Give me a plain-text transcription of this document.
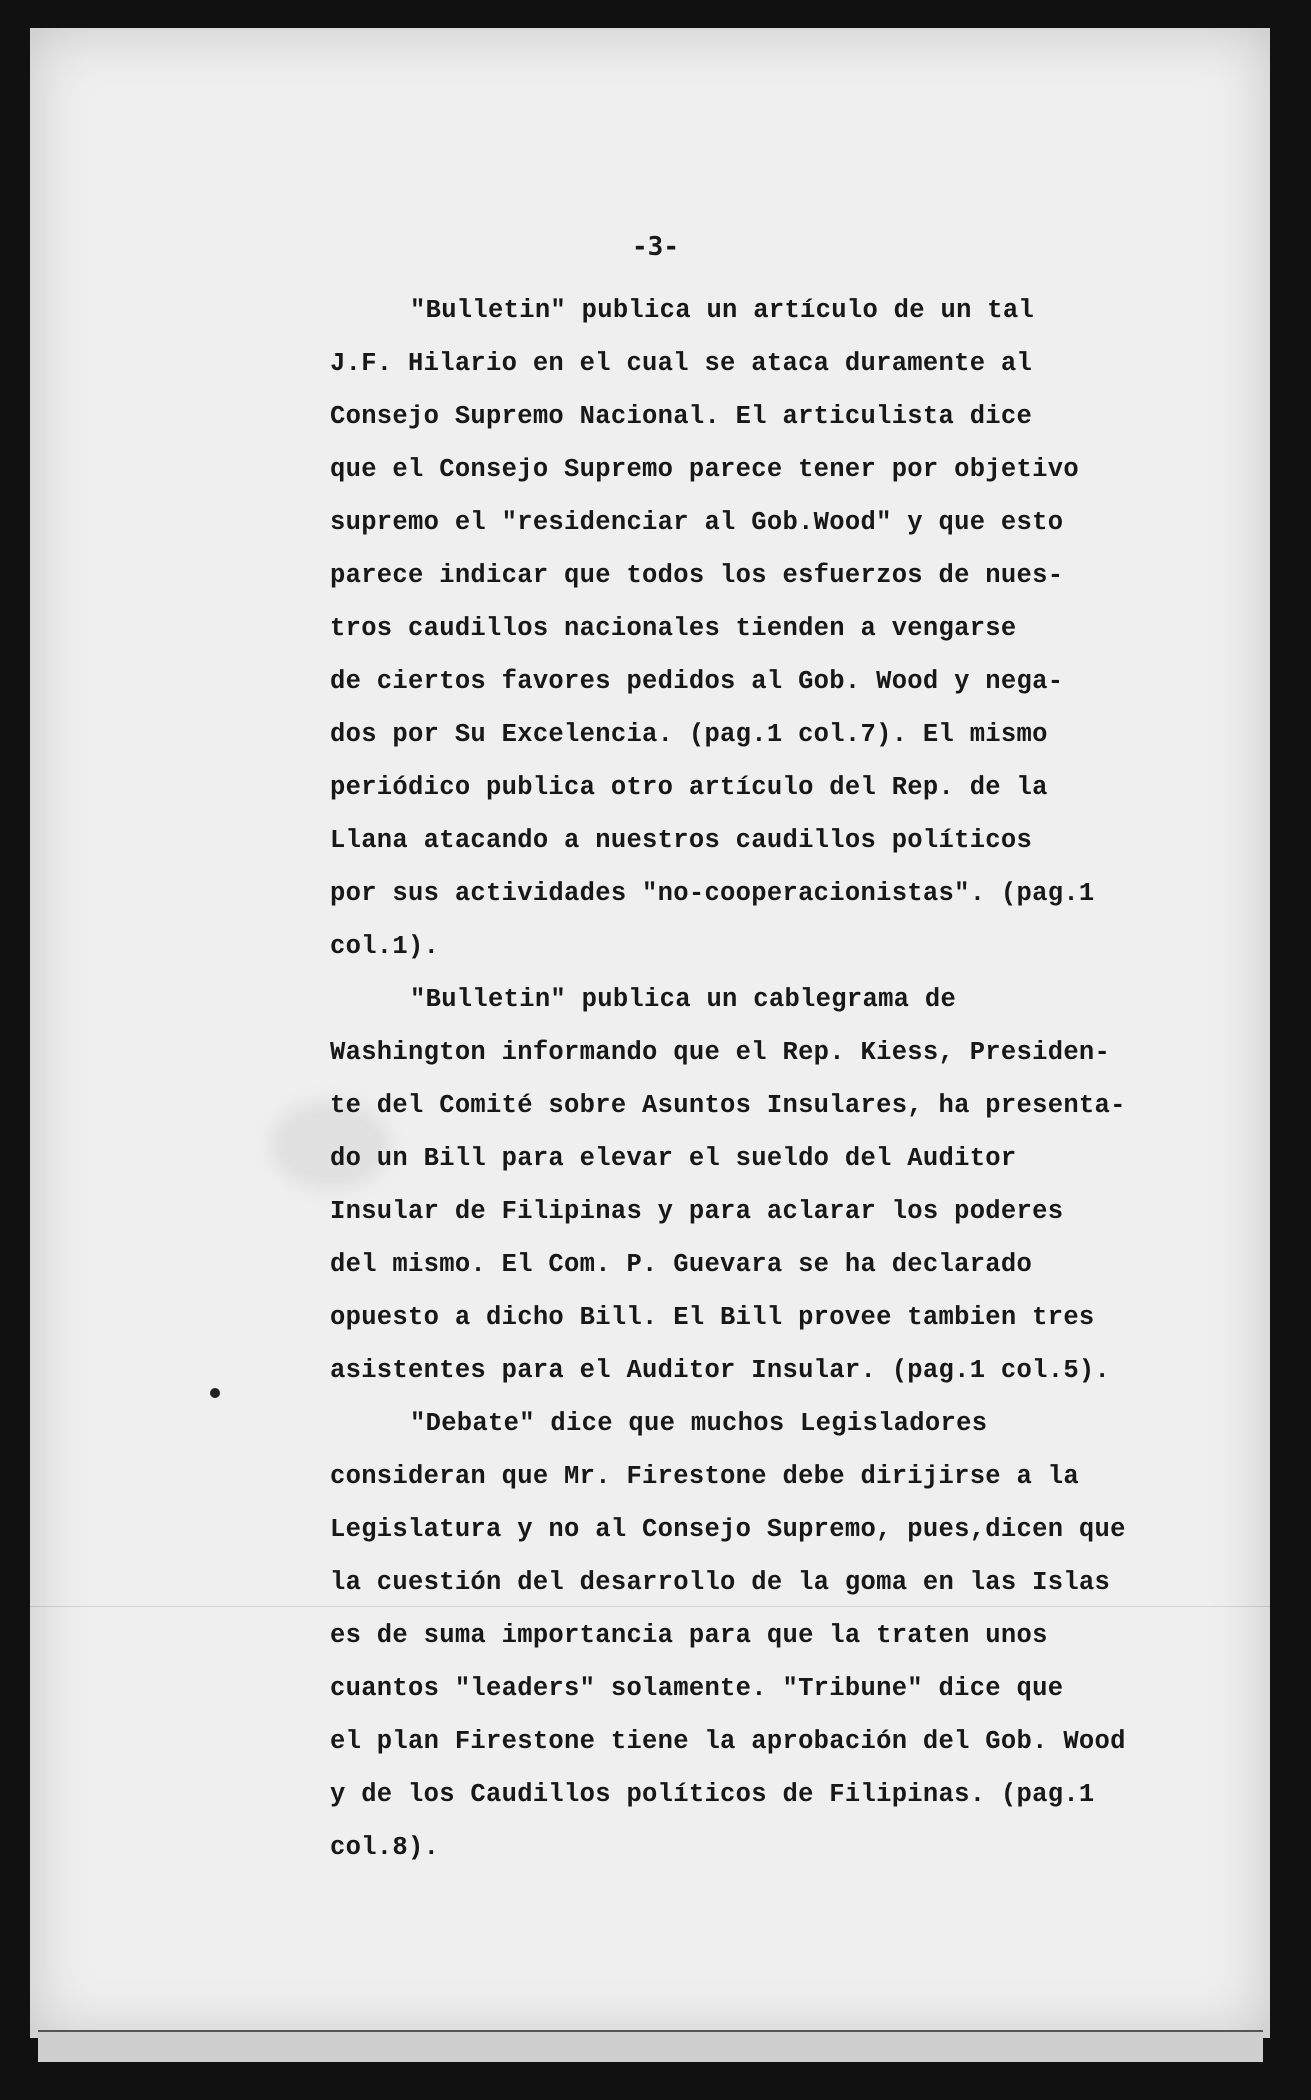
-3-

"Bulletin" publica un artículo de un tal
J.F. Hilario en el cual se ataca duramente al
Consejo Supremo Nacional. El articulista dice
que el Consejo Supremo parece tener por objetivo
supremo el "residenciar al Gob.Wood" y que esto
parece indicar que todos los esfuerzos de nues-
tros caudillos nacionales tienden a vengarse
de ciertos favores pedidos al Gob. Wood y nega-
dos por Su Excelencia. (pag.1 col.7). El mismo
periódico publica otro artículo del Rep. de la
Llana atacando a nuestros caudillos políticos
por sus actividades "no-cooperacionistas". (pag.1
col.1).

"Bulletin" publica un cablegrama de
Washington informando que el Rep. Kiess, Presiden-
te del Comité sobre Asuntos Insulares, ha presenta-
do un Bill para elevar el sueldo del Auditor
Insular de Filipinas y para aclarar los poderes
del mismo. El Com. P. Guevara se ha declarado
opuesto a dicho Bill. El Bill provee tambien tres
asistentes para el Auditor Insular. (pag.1 col.5).

"Debate" dice que muchos Legisladores
consideran que Mr. Firestone debe dirijirse a la
Legislatura y no al Consejo Supremo, pues,dicen que
la cuestión del desarrollo de la goma en las Islas
es de suma importancia para que la traten unos
cuantos "leaders" solamente. "Tribune" dice que
el plan Firestone tiene la aprobación del Gob. Wood
y de los Caudillos políticos de Filipinas. (pag.1
col.8).
